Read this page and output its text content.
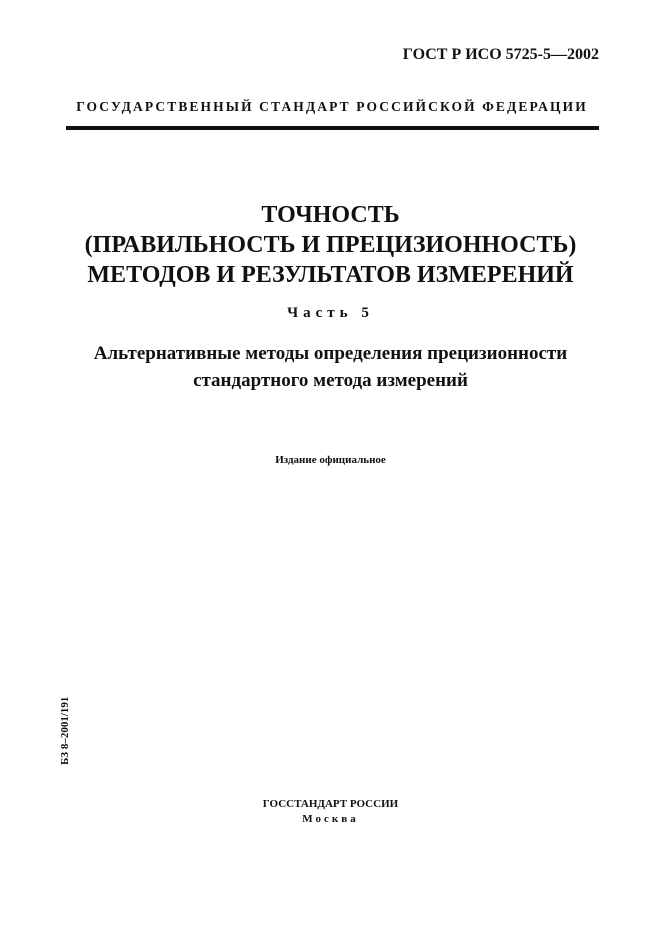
ГОСТ Р ИСО 5725-5—2002
ГОСУДАРСТВЕННЫЙ СТАНДАРТ РОССИЙСКОЙ ФЕДЕРАЦИИ
ТОЧНОСТЬ
(ПРАВИЛЬНОСТЬ И ПРЕЦИЗИОННОСТЬ)
МЕТОДОВ И РЕЗУЛЬТАТОВ ИЗМЕРЕНИЙ
Часть 5
Альтернативные методы определения прецизионности
стандартного метода измерений
Издание официальное
БЗ 8–2001/191
ГОССТАНДАРТ РОССИИ
Москва
